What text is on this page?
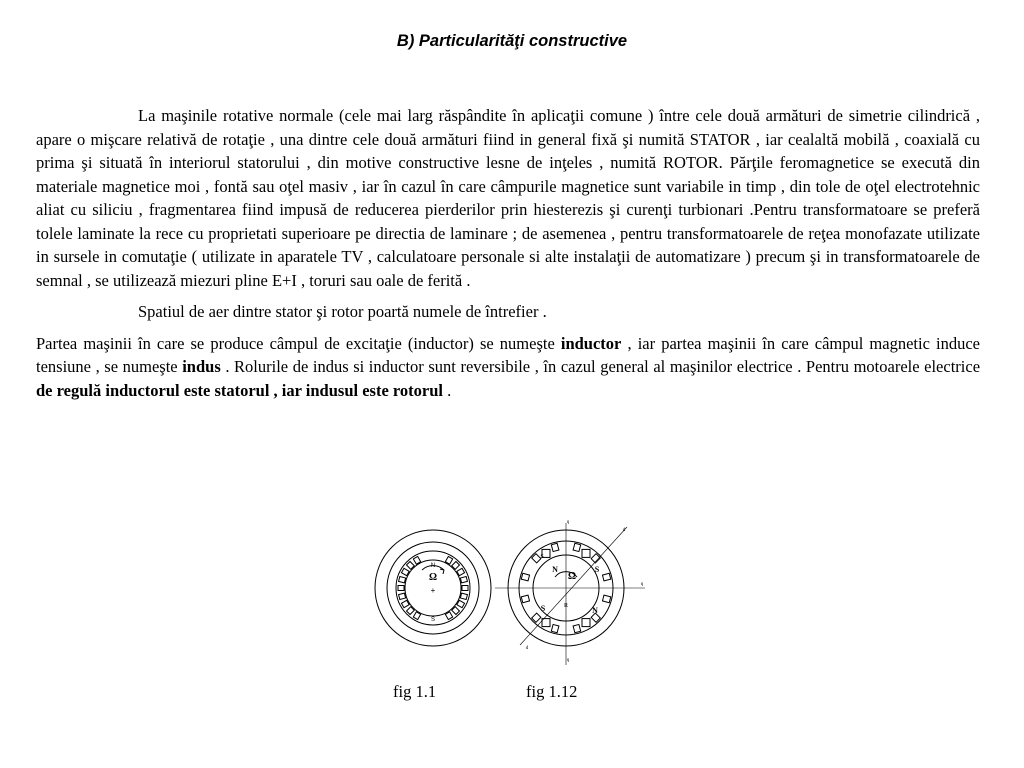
B) Particularităţi constructive

La maşinile rotative normale (cele mai larg răspândite în aplicaţii comune ) între cele două armături de simetrie cilindrică , apare o mişcare relativă de rotaţie , una dintre cele două armături fiind in general fixă şi numită STATOR , iar cealaltă mobilă , coaxială cu prima şi situată în interiorul statorului , din motive constructive lesne de inţeles , numită ROTOR. Părţile feromagnetice se execută din materiale magnetice moi , fontă sau oţel masiv , iar în cazul în care câmpurile magnetice sunt variabile in timp , din tole de oţel electrotehnic aliat cu siliciu , fragmentarea fiind impusă de reducerea pierderilor prin hiesterezis şi curenţi turbionari .Pentru transformatoare se preferă tolele laminate la rece cu proprietati superioare pe directia de laminare ; de asemenea , pentru transformatoarele de reţea monofazate utilizate in sursele in comutaţie ( utilizate in aparatele TV , calculatoare personale si alte instalaţii de automatizare ) precum şi in transformatoarele de semnal , se utilizează miezuri pline E+I , toruri sau oale de ferită .

Spatiul de aer dintre stator şi rotor poartă numele de întrefier .

Partea maşinii în care se produce câmpul de excitaţie (inductor) se numeşte inductor , iar partea maşinii în care câmpul magnetic induce tensiune , se numeşte indus . Rolurile de indus si inductor sunt reversibile , în cazul general al maşinilor electrice . Pentru motoarele electrice de regulă inductorul este statorul , iar indusul este rotorul .

N
S
Ω
+
N	S
S	N
Ω
R
S
q
q
d
d
q
fig 1.1	fig 1.12
